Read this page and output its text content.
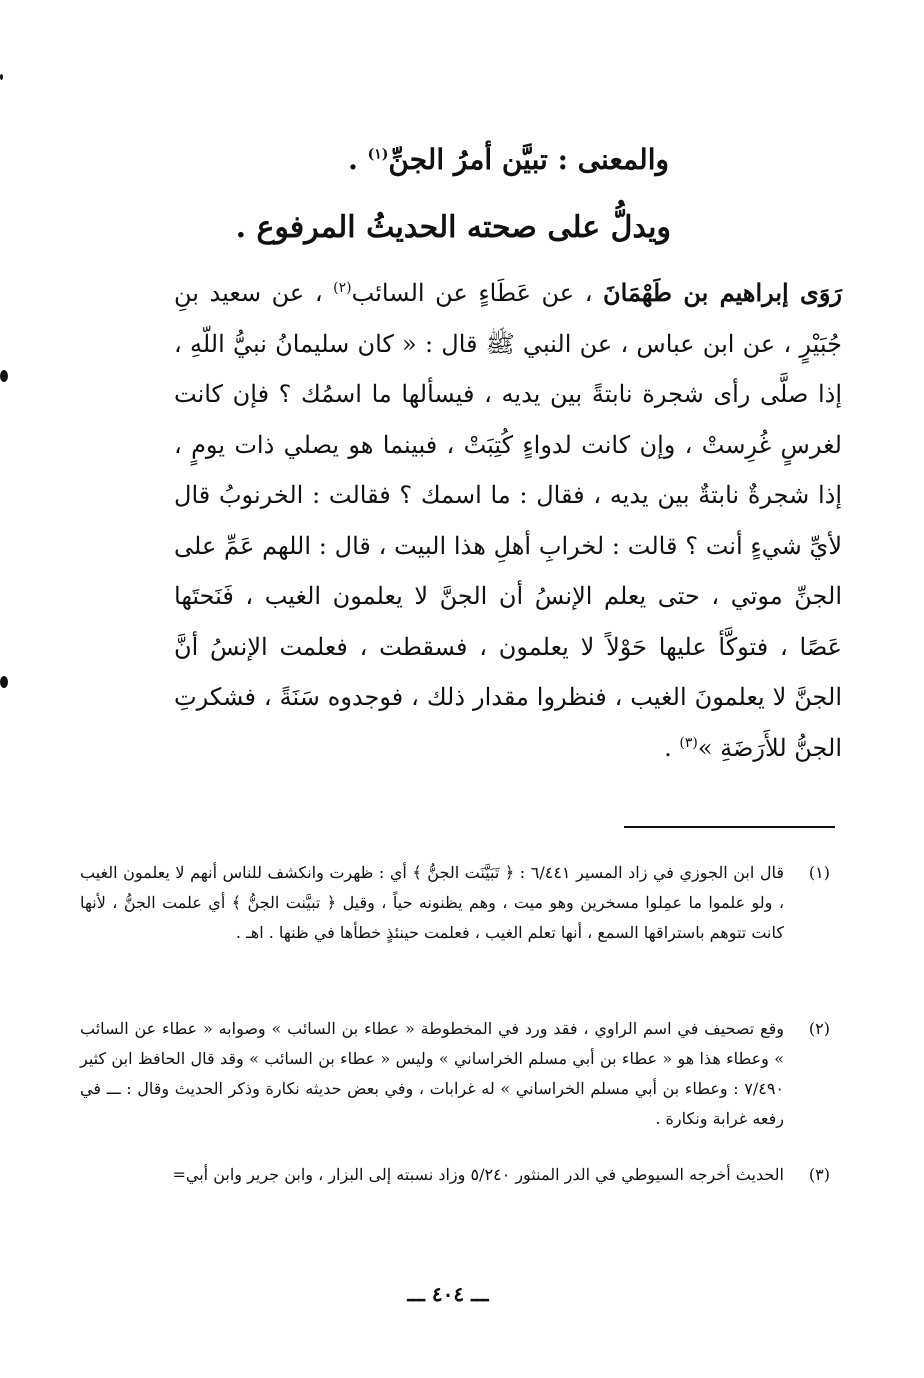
والمعنى : تبيَّن أمرُ الجنِّ$^{(١)}$ .
ويدلُّ على صحته الحديثُ المرفوع .

رَوَى إبراهيم بن طَهْمَانَ ، عن عَطَاءٍ عن السائب$^{(٢)}$ ، عن سعيد بنِ جُبَيْرٍ ، عن ابن عباس ، عن النبي ﷺ قال : « كان سليمانُ نبيُّ اللّهِ ، إذا صلَّى رأى شجرة نابتةً بين يديه ، فيسألها ما اسمُك ؟ فإن كانت لغرسٍ غُرِستْ ، وإن كانت لدواءٍ كُتِبَتْ ، فبينما هو يصلي ذات يومٍ ، إذا شجرةٌ نابتةٌ بين يديه ، فقال : ما اسمك ؟ فقالت : الخرنوبُ قال لأيِّ شيءٍ أنت ؟ قالت : لخرابِ أهلِ هذا البيت ، قال : اللهم عَمِّ على الجنِّ موتي ، حتى يعلم الإنسُ أن الجنَّ لا يعلمون الغيب ، فَنَحتَها عَصًا ، فتوكَّأ عليها حَوْلاً لا يعلمون ، فسقطت ، فعلمت الإنسُ أنَّ الجنَّ لا يعلمونَ الغيب ، فنظروا مقدار ذلك ، فوجدوه سَنَةً ، فشكرتِ الجنُّ للأَرَضَةِ »$^{(٣)}$ .

(١)
قال ابن الجوزي في زاد المسير ٦/٤٤١ : ﴿ تَبَيَّنَت الجنُّ ﴾ أي : ظهرت وانكشف للناس أنهم لا يعلمون الغيب ، ولو علموا ما عمِلوا مسخرين وهو ميت ، وهم يظنونه حياً ، وقيل ﴿ تبيَّنت الجنُّ ﴾ أي علمت الجنُّ ، لأنها كانت تتوهم باستراقها السمع ، أنها تعلم الغيب ، فعلمت حينئذٍ خطأها في ظنها . اهـ .
(٢)
وقع تصحيف في اسم الراوي ، فقد ورد في المخطوطة « عطاء بن السائب » وصوابه « عطاء عن السائب » وعطاء هذا هو « عطاء بن أبي مسلم الخراساني » وليس « عطاء بن السائب » وقد قال الحافظ ابن كثير ٧/٤٩٠ : وعطاء بن أبي مسلم الخراساني » له غرابات ، وفي بعض حديثه نكارة وذكر الحديث وقال : ـــ في رفعه غرابة ونكارة .
(٣)
الحديث أخرجه السيوطي في الدر المنثور ٥/٢٤٠ وزاد نسبته إلى البزار ، وابن جرير وابن أبي=
ـــ ٤٠٤ ـــ
